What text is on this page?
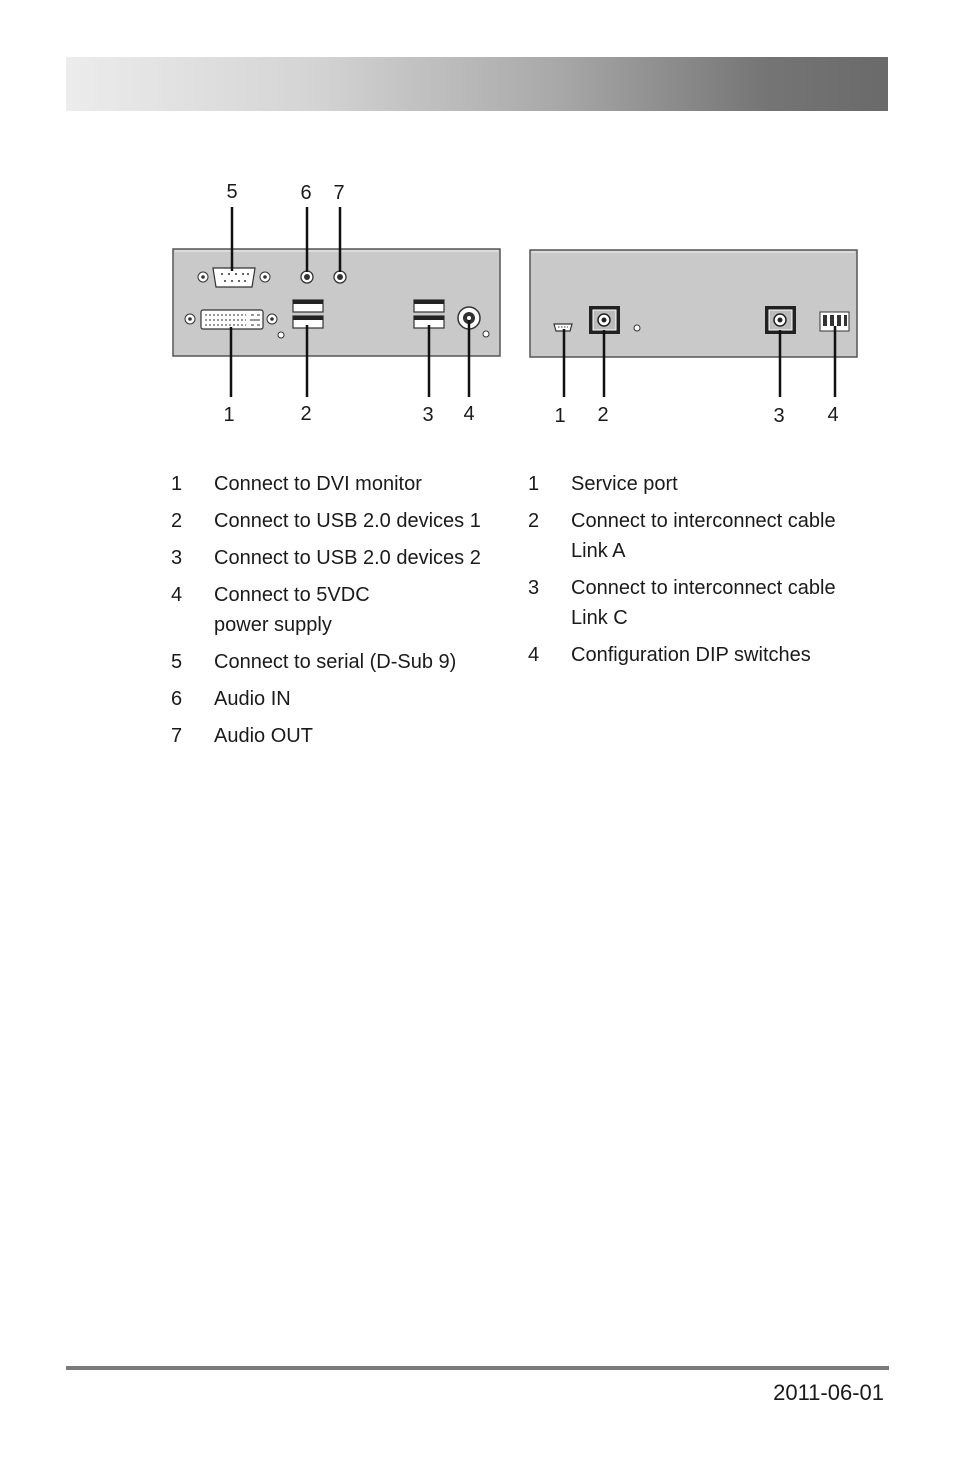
1	2	3 4
5	6 7
1 2	3 4
1 Connect to DVI monitor
2 Connect to USB 2.0 devices 1
3 Connect to USB 2.0 devices 2
4 Connect to 5VDC
power supply
5 Connect to serial (D-Sub 9)
6 Audio IN
7 Audio OUT
1 Service port
2 Connect to interconnect cable
Link A
3 Connect to interconnect cable
Link C
4 Configuration DIP switches
2011-06-01
